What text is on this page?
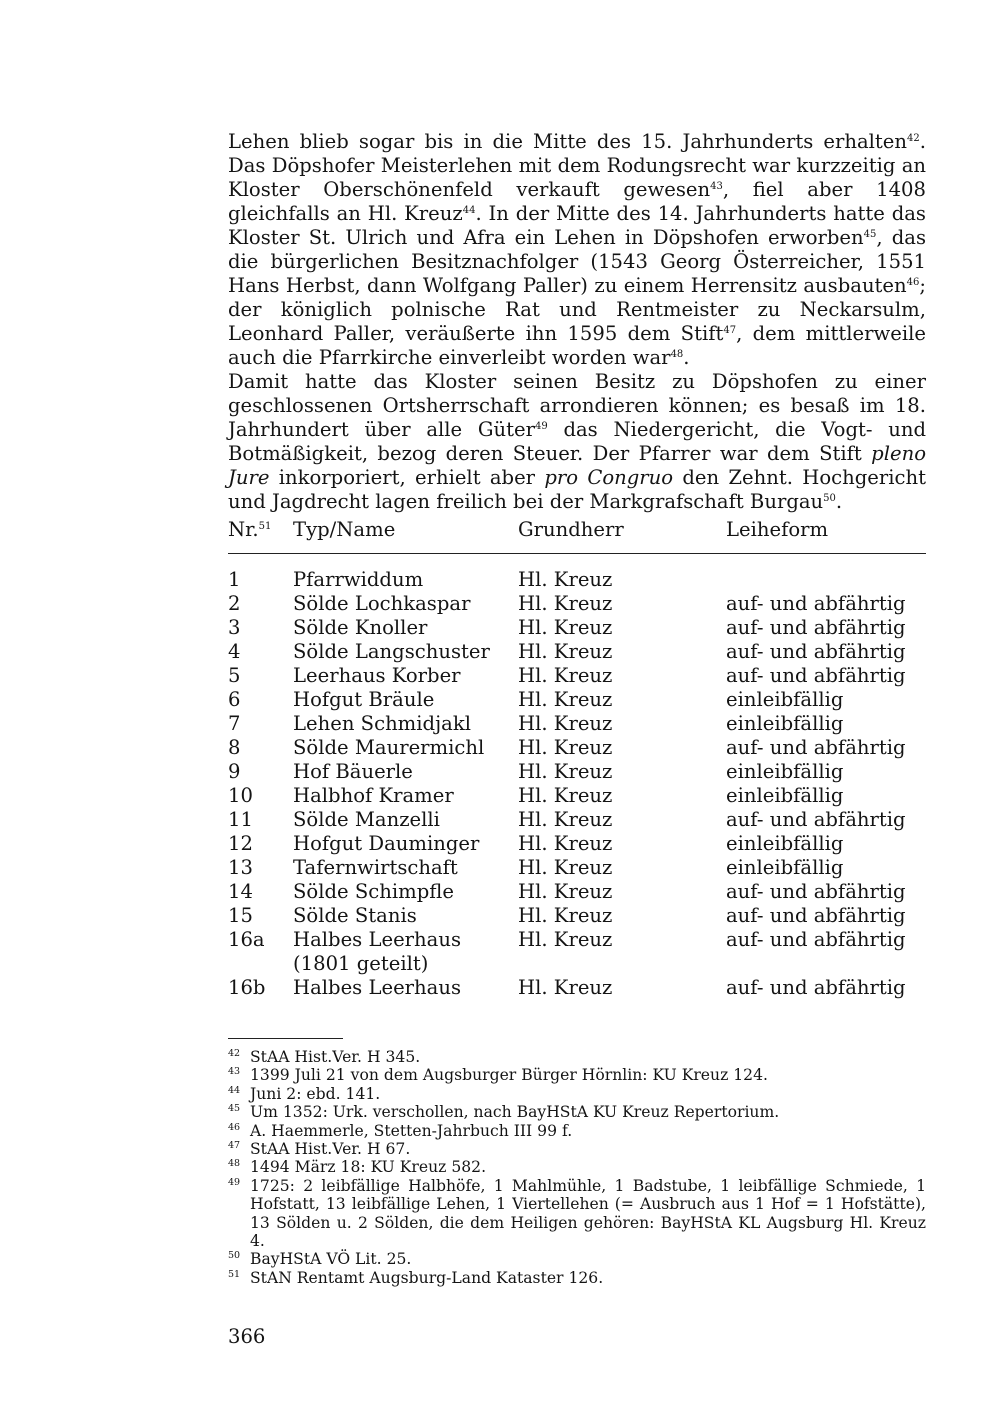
Lehen blieb sogar bis in die Mitte des 15. Jahrhunderts erhalten$^{42}$. Das Döpshofer Meisterlehen mit dem Rodungsrecht war kurzzeitig an Kloster Oberschönenfeld verkauft gewesen$^{43}$, fiel aber 1408 gleichfalls an Hl. Kreuz$^{44}$. In der Mitte des 14. Jahrhunderts hatte das Kloster St. Ulrich und Afra ein Lehen in Döpshofen erworben$^{45}$, das die bürgerlichen Besitznachfolger (1543 Georg Österreicher, 1551 Hans Herbst, dann Wolfgang Paller) zu einem Herrensitz ausbauten$^{46}$; der königlich polnische Rat und Rentmeister zu Neckarsulm, Leonhard Paller, veräußerte ihn 1595 dem Stift$^{47}$, dem mittlerweile auch die Pfarrkirche einverleibt worden war$^{48}$.

Damit hatte das Kloster seinen Besitz zu Döpshofen zu einer geschlossenen Ortsherrschaft arrondieren können; es besaß im 18. Jahrhundert über alle Güter$^{49}$ das Niedergericht, die Vogt- und Botmäßigkeit, bezog deren Steuer. Der Pfarrer war dem Stift pleno Jure inkorporiert, erhielt aber pro Congruo den Zehnt. Hochgericht und Jagdrecht lagen freilich bei der Markgrafschaft Burgau$^{50}$.

Nr.$^{51}$ Typ/Name	Grundherr	Leiheform
1	Pfarrwiddum	Hl. Kreuz
2	Sölde Lochkaspar Hl. Kreuz	auf- und abfährtig
3	Sölde Knoller	Hl. Kreuz	auf- und abfährtig
4	Sölde Langschuster Hl. Kreuz	auf- und abfährtig
5	Leerhaus Korber	Hl. Kreuz	auf- und abfährtig
6	Hofgut Bräule	Hl. Kreuz	einleibfällig
7	Lehen Schmidjakl Hl. Kreuz	einleibfällig
8	Sölde Maurermichl Hl. Kreuz	auf- und abfährtig
9	Hof Bäuerle	Hl. Kreuz	einleibfällig
10	Halbhof Kramer	Hl. Kreuz	einleibfällig
11	Sölde Manzelli	Hl. Kreuz	auf- und abfährtig
12	Hofgut Dauminger Hl. Kreuz	einleibfällig
13	Tafernwirtschaft	Hl. Kreuz	einleibfällig
14	Sölde Schimpfle	Hl. Kreuz	auf- und abfährtig
15	Sölde Stanis	Hl. Kreuz	auf- und abfährtig
16a Halbes Leerhaus	Hl. Kreuz	auf- und abfährtig
(1801 geteilt)
16b Halbes Leerhaus	Hl. Kreuz	auf- und abfährtig
42 StAA Hist.Ver. H 345.
43 1399 Juli 21 von dem Augsburger Bürger Hörnlin: KU Kreuz 124.
44 Juni 2: ebd. 141.
45 Um 1352: Urk. verschollen, nach BayHStA KU Kreuz Repertorium.
46 A. Haemmerle, Stetten-Jahrbuch III 99 f.
47 StAA Hist.Ver. H 67.
48 1494 März 18: KU Kreuz 582.
49 1725: 2 leibfällige Halbhöfe, 1 Mahlmühle, 1 Badstube, 1 leibfällige Schmiede, 1 Hofstatt, 13 leibfällige Lehen, 1 Viertellehen (= Ausbruch aus 1 Hof = 1 Hofstätte), 13 Sölden u. 2 Sölden, die dem Heiligen gehören: BayHStA KL Augsburg Hl. Kreuz 4.
50 BayHStA VÖ Lit. 25.
51 StAN Rentamt Augsburg-Land Kataster 126.
366
